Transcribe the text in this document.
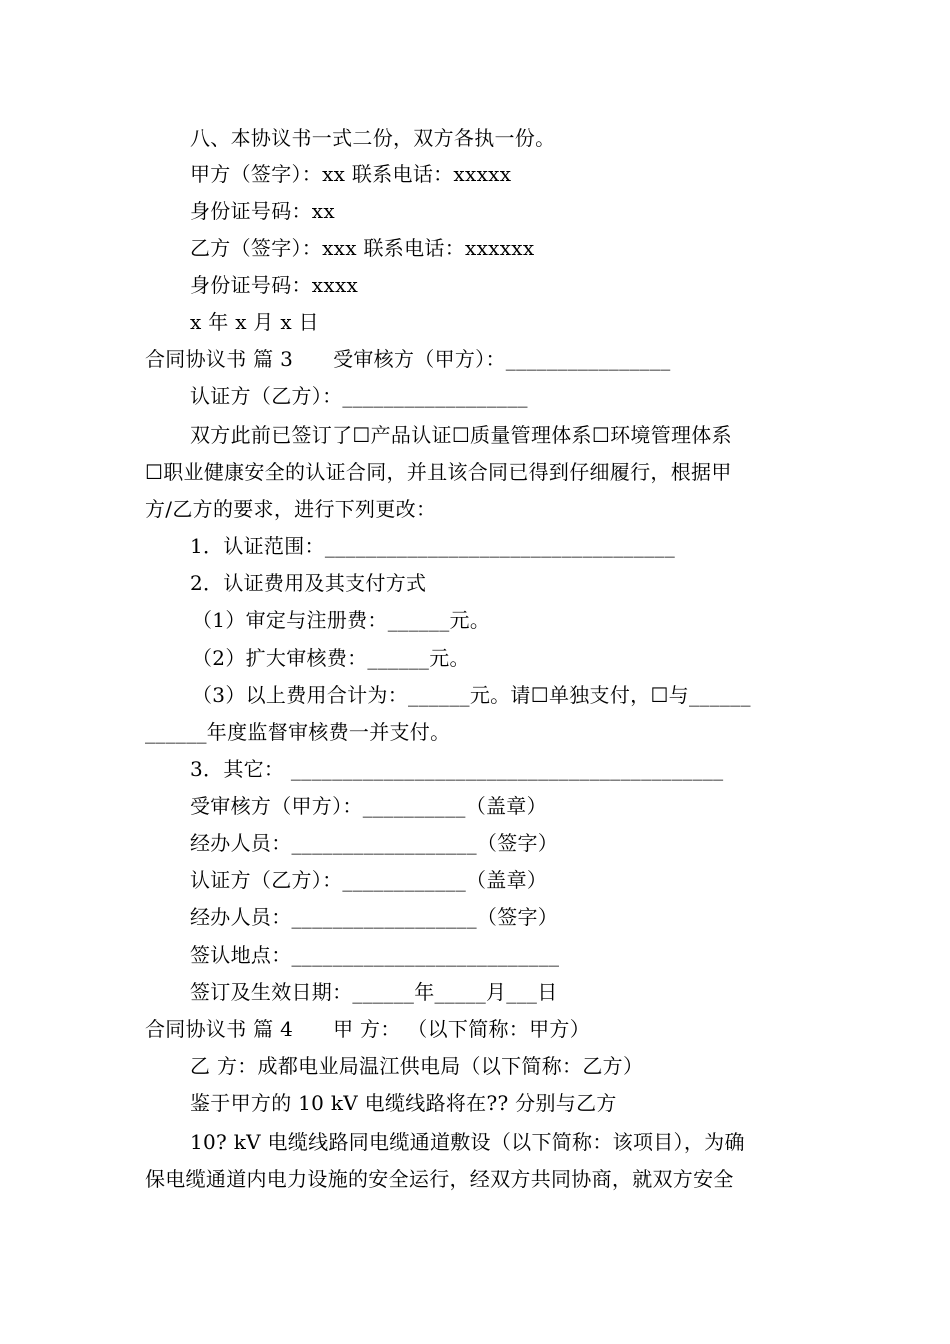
八、本协议书一式二份，双方各执一份。
甲方（签字）：xx 联系电话：xxxxx
身份证号码：xx
乙方（签字）：xxx 联系电话：xxxxxx
身份证号码：xxxx
x 年 x 月 x 日
合同协议书 篇 3      受审核方（甲方）：________________
认证方（乙方）：__________________
双方此前已签订了☐产品认证☐质量管理体系☐环境管理体系
☐职业健康安全的认证合同，并且该合同已得到仔细履行，根据甲
方/乙方的要求，进行下列更改：
1．认证范围：__________________________________
2．认证费用及其支付方式
（1）审定与注册费：______元。
（2）扩大审核费：______元。
（3）以上费用合计为：______元。请☐单独支付，☐与______
______年度监督审核费一并支付。
3．其它： __________________________________________
受审核方（甲方）：__________（盖章）
经办人员：__________________（签字）
认证方（乙方）：____________（盖章）
经办人员：__________________（签字）
签认地点：__________________________
签订及生效日期：______年_____月___日
合同协议书 篇 4      甲 方： （以下简称：甲方）
乙 方：成都电业局温江供电局（以下简称：乙方）
鉴于甲方的 10 kV 电缆线路将在?? 分别与乙方
10? kV 电缆线路同电缆通道敷设（以下简称：该项目），为确
保电缆通道内电力设施的安全运行，经双方共同协商，就双方安全
